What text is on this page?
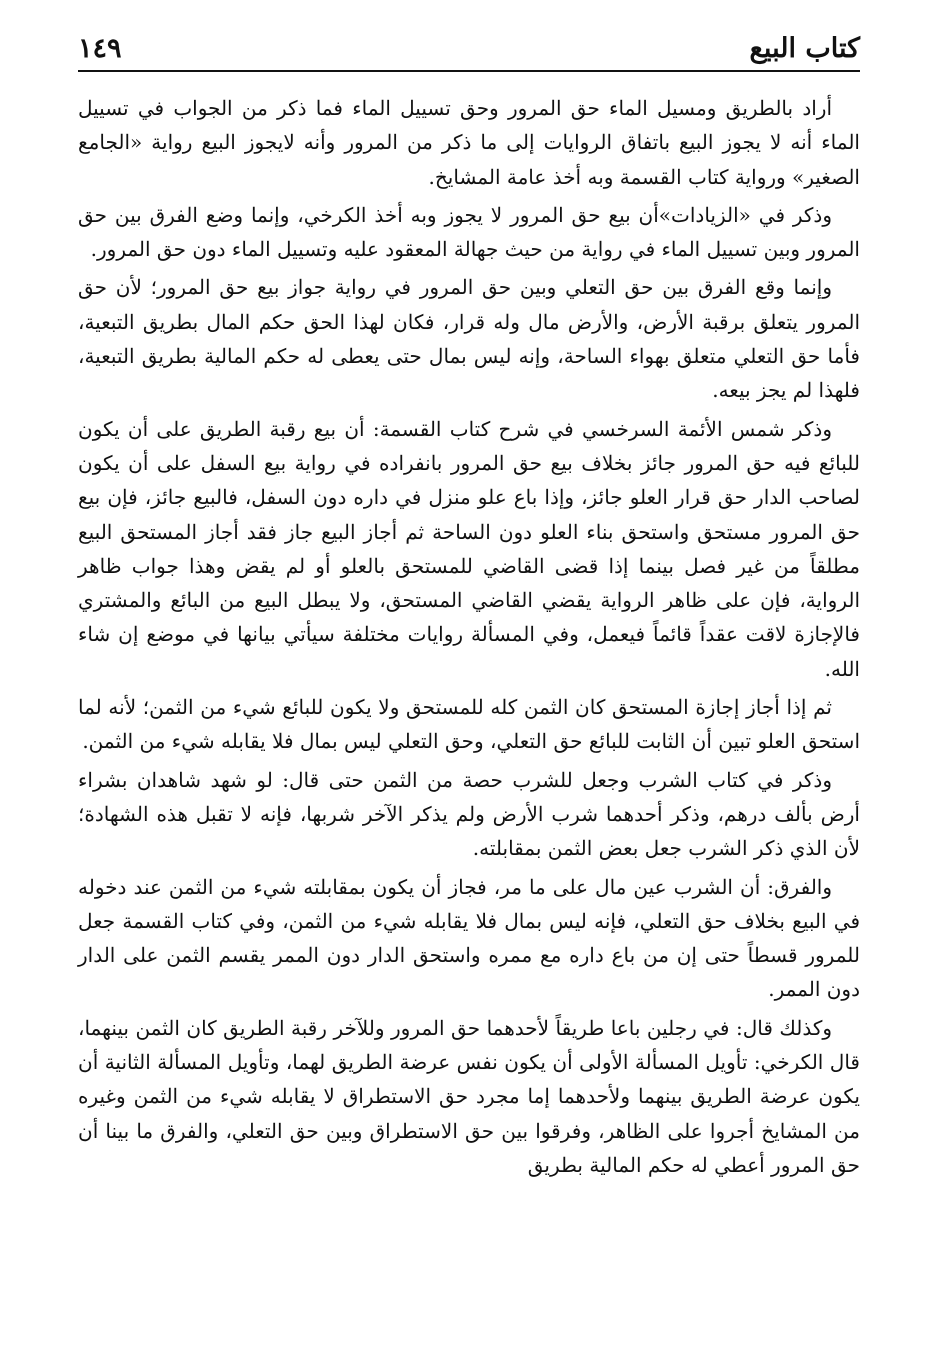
كتاب البيع
١٤٩

أراد بالطريق ومسيل الماء حق المرور وحق تسييل الماء فما ذكر من الجواب في تسييل الماء أنه لا يجوز البيع باتفاق الروايات إلى ما ذكر من المرور وأنه لايجوز البيع رواية «الجامع الصغير» ورواية كتاب القسمة وبه أخذ عامة المشايخ.

وذكر في «الزيادات»أن بيع حق المرور لا يجوز وبه أخذ الكرخي، وإنما وضع الفرق بين حق المرور وبين تسييل الماء في رواية من حيث جهالة المعقود عليه وتسييل الماء دون حق المرور.

وإنما وقع الفرق بين حق التعلي وبين حق المرور في رواية جواز بيع حق المرور؛ لأن حق المرور يتعلق برقبة الأرض، والأرض مال وله قرار، فكان لهذا الحق حكم المال بطريق التبعية، فأما حق التعلي متعلق بهواء الساحة، وإنه ليس بمال حتى يعطى له حكم المالية بطريق التبعية، فلهذا لم يجز بيعه.

وذكر شمس الأئمة السرخسي في شرح كتاب القسمة: أن بيع رقبة الطريق على أن يكون للبائع فيه حق المرور جائز بخلاف بيع حق المرور بانفراده في رواية بيع السفل على أن يكون لصاحب الدار حق قرار العلو جائز، وإذا باع علو منزل في داره دون السفل، فالبيع جائز، فإن بيع حق المرور مستحق واستحق بناء العلو دون الساحة ثم أجاز البيع جاز فقد أجاز المستحق البيع مطلقاً من غير فصل بينما إذا قضى القاضي للمستحق بالعلو أو لم يقض وهذا جواب ظاهر الرواية، فإن على ظاهر الرواية يقضي القاضي المستحق، ولا يبطل البيع من البائع والمشتري فالإجازة لاقت عقداً قائماً فيعمل، وفي المسألة روايات مختلفة سيأتي بيانها في موضع إن شاء الله.

ثم إذا أجاز إجازة المستحق كان الثمن كله للمستحق ولا يكون للبائع شيء من الثمن؛ لأنه لما استحق العلو تبين أن الثابت للبائع حق التعلي، وحق التعلي ليس بمال فلا يقابله شيء من الثمن.

وذكر في كتاب الشرب وجعل للشرب حصة من الثمن حتى قال: لو شهد شاهدان بشراء أرض بألف درهم، وذكر أحدهما شرب الأرض ولم يذكر الآخر شربها، فإنه لا تقبل هذه الشهادة؛ لأن الذي ذكر الشرب جعل بعض الثمن بمقابلته.

والفرق: أن الشرب عين مال على ما مر، فجاز أن يكون بمقابلته شيء من الثمن عند دخوله في البيع بخلاف حق التعلي، فإنه ليس بمال فلا يقابله شيء من الثمن، وفي كتاب القسمة جعل للمرور قسطاً حتى إن من باع داره مع ممره واستحق الدار دون الممر يقسم الثمن على الدار دون الممر.

وكذلك قال: في رجلين باعا طريقاً لأحدهما حق المرور وللآخر رقبة الطريق كان الثمن بينهما، قال الكرخي: تأويل المسألة الأولى أن يكون نفس عرضة الطريق لهما، وتأويل المسألة الثانية أن يكون عرضة الطريق بينهما ولأحدهما إما مجرد حق الاستطراق لا يقابله شيء من الثمن وغيره من المشايخ أجروا على الظاهر، وفرقوا بين حق الاستطراق وبين حق التعلي، والفرق ما بينا أن حق المرور أعطي له حكم المالية بطريق
